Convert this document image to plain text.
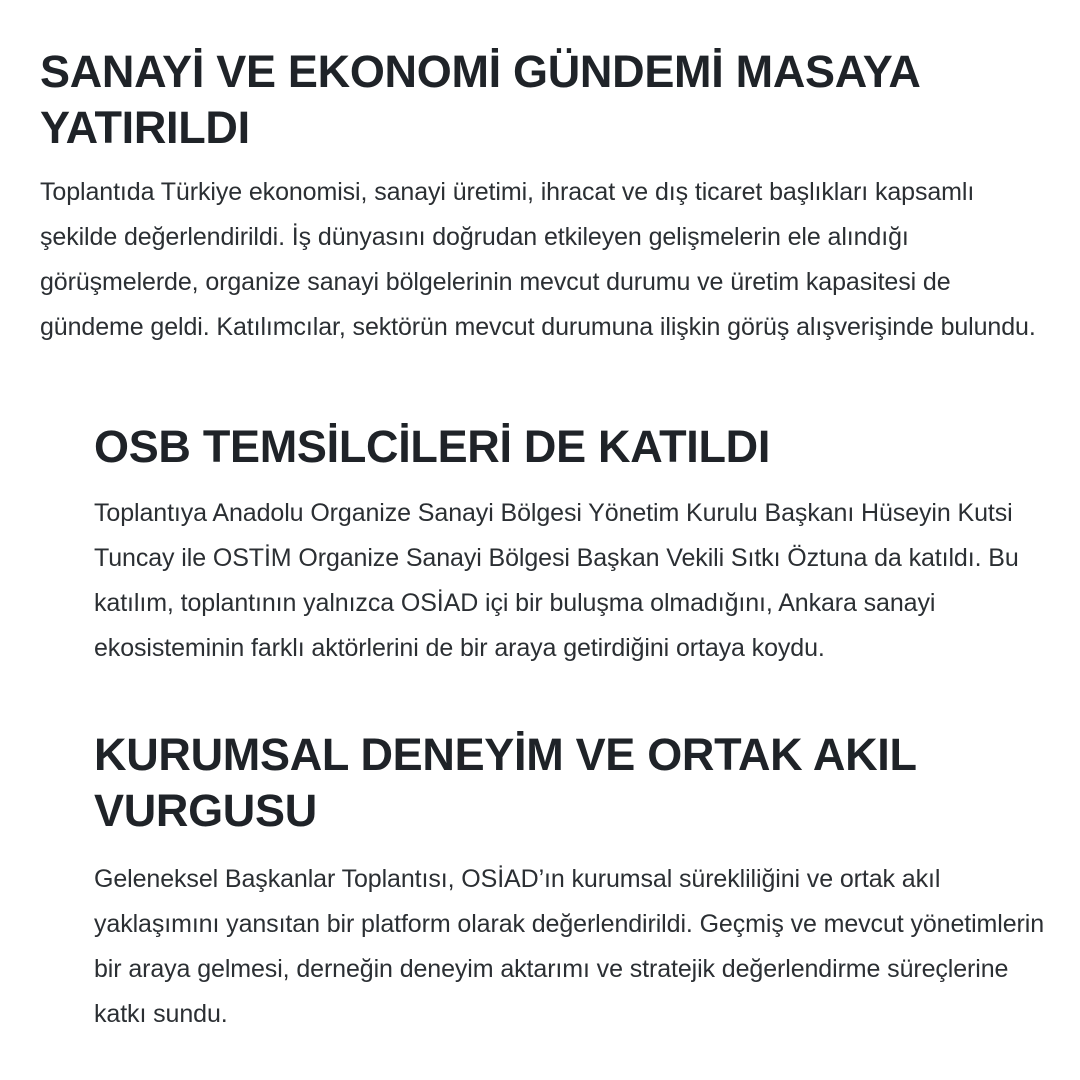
SANAYİ VE EKONOMİ GÜNDEMİ MASAYA YATIRILDI

Toplantıda Türkiye ekonomisi, sanayi üretimi, ihracat ve dış ticaret başlıkları kapsamlı şekilde değerlendirildi. İş dünyasını doğrudan etkileyen gelişmelerin ele alındığı görüşmelerde, organize sanayi bölgelerinin mevcut durumu ve üretim kapasitesi de gündeme geldi. Katılımcılar, sektörün mevcut durumuna ilişkin görüş alışverişinde bulundu.

OSB TEMSİLCİLERİ DE KATILDI

Toplantıya Anadolu Organize Sanayi Bölgesi Yönetim Kurulu Başkanı Hüseyin Kutsi Tuncay ile OSTİM Organize Sanayi Bölgesi Başkan Vekili Sıtkı Öztuna da katıldı. Bu katılım, toplantının yalnızca OSİAD içi bir buluşma olmadığını, Ankara sanayi ekosisteminin farklı aktörlerini de bir araya getirdiğini ortaya koydu.

KURUMSAL DENEYİM VE ORTAK AKIL VURGUSU

Geleneksel Başkanlar Toplantısı, OSİAD’ın kurumsal sürekliliğini ve ortak akıl yaklaşımını yansıtan bir platform olarak değerlendirildi. Geçmiş ve mevcut yönetimlerin bir araya gelmesi, derneğin deneyim aktarımı ve stratejik değerlendirme süreçlerine katkı sundu.
